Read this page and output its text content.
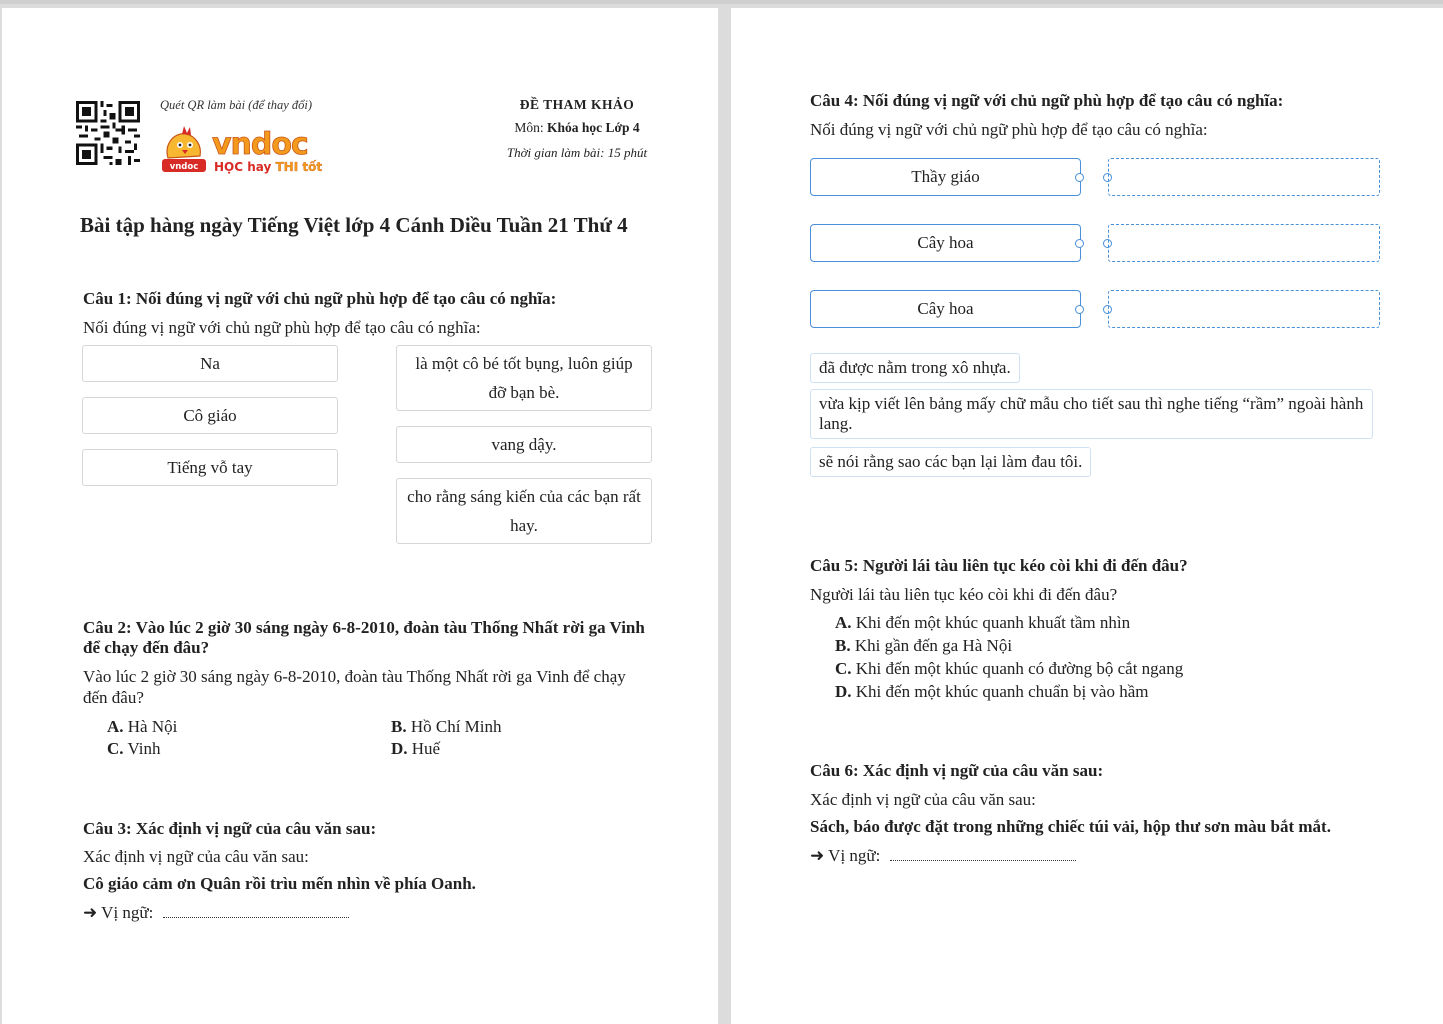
Quét QR làm bài (để thay đổi)
vndoc
vndoc HỌC hay THI tốt
ĐỀ THAM KHẢO
Môn: Khóa học Lớp 4
Thời gian làm bài: 15 phút
Bài tập hàng ngày Tiếng Việt lớp 4 Cánh Diều Tuần 21 Thứ 4
Câu 1: Nối đúng vị ngữ với chủ ngữ phù hợp để tạo câu có nghĩa:
Nối đúng vị ngữ với chủ ngữ phù hợp để tạo câu có nghĩa:
Na
Cô giáo
Tiếng vỗ tay
là một cô bé tốt bụng, luôn giúp đỡ bạn bè.
vang dậy.
cho rằng sáng kiến của các bạn rất hay.
Câu 2: Vào lúc 2 giờ 30 sáng ngày 6-8-2010, đoàn tàu Thống Nhất rời ga Vinh để chạy đến đâu?
Vào lúc 2 giờ 30 sáng ngày 6-8-2010, đoàn tàu Thống Nhất rời ga Vinh để chạy đến đâu?
A. Hà Nội	B. Hồ Chí Minh
C. Vinh	D. Huế
Câu 3: Xác định vị ngữ của câu văn sau:
Xác định vị ngữ của câu văn sau:
Cô giáo cảm ơn Quân rồi trìu mến nhìn về phía Oanh.
➜ Vị ngữ:
Câu 4: Nối đúng vị ngữ với chủ ngữ phù hợp để tạo câu có nghĩa:
Nối đúng vị ngữ với chủ ngữ phù hợp để tạo câu có nghĩa:
Thầy giáo
Cây hoa
Cây hoa
đã được nằm trong xô nhựa.
vừa kịp viết lên bảng mấy chữ mẫu cho tiết sau thì nghe tiếng “rầm” ngoài hành lang.
sẽ nói rằng sao các bạn lại làm đau tôi.
Câu 5: Người lái tàu liên tục kéo còi khi đi đến đâu?
Người lái tàu liên tục kéo còi khi đi đến đâu?
A. Khi đến một khúc quanh khuất tầm nhìn
B. Khi gần đến ga Hà Nội
C. Khi đến một khúc quanh có đường bộ cắt ngang
D. Khi đến một khúc quanh chuẩn bị vào hầm
Câu 6: Xác định vị ngữ của câu văn sau:
Xác định vị ngữ của câu văn sau:
Sách, báo được đặt trong những chiếc túi vải, hộp thư sơn màu bắt mắt.
➜ Vị ngữ:
